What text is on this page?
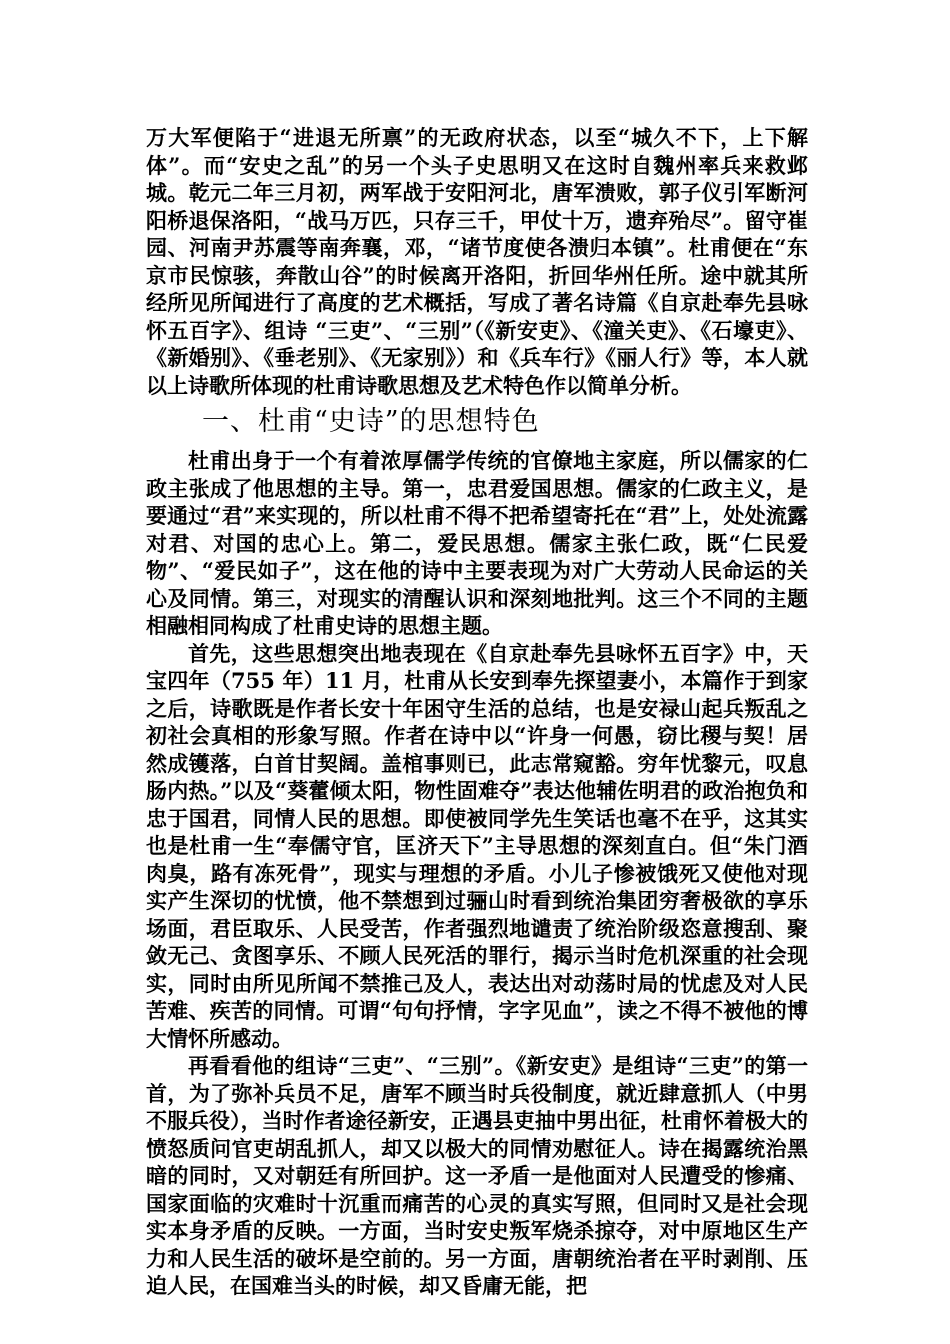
万大军便陷于“进退无所禀”的无政府状态，以至“城久不下，上下解体”。而“安史之乱”的另一个头子史思明又在这时自魏州率兵来救邺城。乾元二年三月初，两军战于安阳河北，唐军溃败，郭子仪引军断河阳桥退保洛阳，“战马万匹，只存三千，甲仗十万，遗弃殆尽”。留守崔园、河南尹苏震等南奔襄，邓，“诸节度使各溃归本镇”。杜甫便在“东京市民惊骇，奔散山谷”的时候离开洛阳，折回华州任所。途中就其所经所见所闻进行了高度的艺术概括，写成了著名诗篇《自京赴奉先县咏怀五百字》、组诗 “三吏”、“三别”（《新安吏》、《潼关吏》、《石壕吏》、《新婚别》、《垂老别》、《无家别》）和《兵车行》《丽人行》等，本人就以上诗歌所体现的杜甫诗歌思想及艺术特色作以简单分析。

一、杜甫“史诗”的思想特色

杜甫出身于一个有着浓厚儒学传统的官僚地主家庭，所以儒家的仁政主张成了他思想的主导。第一，忠君爱国思想。儒家的仁政主义，是要通过“君”来实现的，所以杜甫不得不把希望寄托在“君”上，处处流露对君、对国的忠心上。第二，爱民思想。儒家主张仁政，既“仁民爱物”、“爱民如子”，这在他的诗中主要表现为对广大劳动人民命运的关心及同情。第三，对现实的清醒认识和深刻地批判。这三个不同的主题相融相同构成了杜甫史诗的思想主题。

首先，这些思想突出地表现在《自京赴奉先县咏怀五百字》中，天宝四年（755 年）11 月，杜甫从长安到奉先探望妻小，本篇作于到家之后，诗歌既是作者长安十年困守生活的总结，也是安禄山起兵叛乱之初社会真相的形象写照。作者在诗中以“许身一何愚，窃比稷与契！居然成镬落，白首甘契阔。盖棺事则已，此志常窥豁。穷年忧黎元，叹息肠内热。”以及“葵藿倾太阳，物性固难夺”表达他辅佐明君的政治抱负和忠于国君，同情人民的思想。即使被同学先生笑话也毫不在乎，这其实也是杜甫一生“奉儒守官，匡济天下”主导思想的深刻直白。但“朱门酒肉臭，路有冻死骨”，现实与理想的矛盾。小儿子惨被饿死又使他对现实产生深切的忧愤，他不禁想到过骊山时看到统治集团穷奢极欲的享乐场面，君臣取乐、人民受苦，作者强烈地谴责了统治阶级恣意搜刮、聚敛无己、贪图享乐、不顾人民死活的罪行，揭示当时危机深重的社会现实，同时由所见所闻不禁推己及人，表达出对动荡时局的忧虑及对人民苦难、疾苦的同情。可谓“句句抒情，字字见血”，读之不得不被他的博大情怀所感动。

再看看他的组诗“三吏”、“三别”。《新安吏》是组诗“三吏”的第一首，为了弥补兵员不足，唐军不顾当时兵役制度，就近肆意抓人（中男不服兵役），当时作者途径新安，正遇县吏抽中男出征，杜甫怀着极大的愤怒质问官吏胡乱抓人，却又以极大的同情劝慰征人。诗在揭露统治黑暗的同时，又对朝廷有所回护。这一矛盾一是他面对人民遭受的惨痛、国家面临的灾难时十沉重而痛苦的心灵的真实写照，但同时又是社会现实本身矛盾的反映。一方面，当时安史叛军烧杀掠夺，对中原地区生产力和人民生活的破坏是空前的。另一方面，唐朝统治者在平时剥削、压迫人民，在国难当头的时候，却又昏庸无能，把
